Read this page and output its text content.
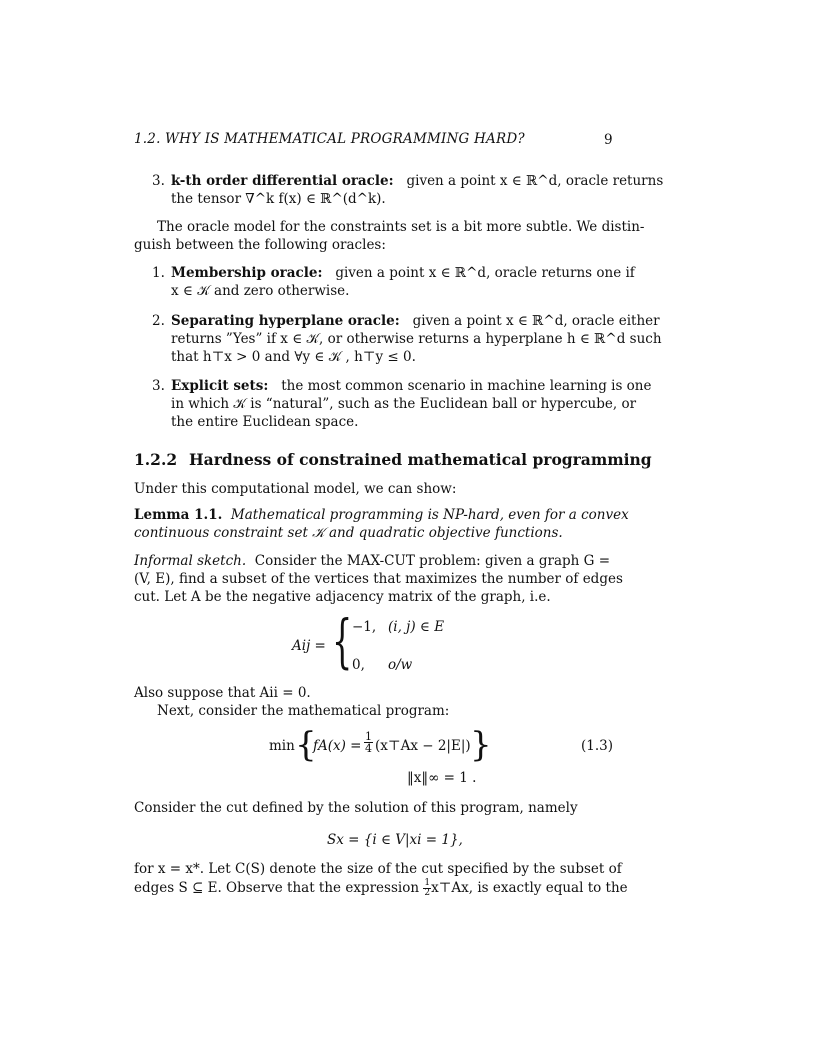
1.2. WHY IS MATHEMATICAL PROGRAMMING HARD?	9
3. k-th order differential oracle: given a point x ∈ ℝ^d, oracle returns
the tensor ∇^k f(x) ∈ ℝ^(d^k).
The oracle model for the constraints set is a bit more subtle. We distin-
guish between the following oracles:
1. Membership oracle: given a point x ∈ ℝ^d, oracle returns one if
x ∈ 𝒦 and zero otherwise.
2. Separating hyperplane oracle: given a point x ∈ ℝ^d, oracle either
returns ”Yes” if x ∈ 𝒦, or otherwise returns a hyperplane h ∈ ℝ^d such
that h⊤x > 0 and ∀y ∈ 𝒦 , h⊤y ≤ 0.
3. Explicit sets: the most common scenario in machine learning is one
in which 𝒦 is “natural”, such as the Euclidean ball or hypercube, or
the entire Euclidean space.
1.2.2 Hardness of constrained mathematical programming
Under this computational model, we can show:
Lemma 1.1. Mathematical programming is NP-hard, even for a convex
continuous constraint set 𝒦 and quadratic objective functions.
Informal sketch. Consider the MAX-CUT problem: given a graph G =
(V, E), find a subset of the vertices that maximizes the number of edges
cut. Let A be the negative adjacency matrix of the graph, i.e.
Aij = { −1, (i, j) ∈ E
0, o/w
Also suppose that Aii = 0.
Next, consider the mathematical program:
min {
$fA(x) = \frac{1}{4}$ (x⊤Ax − 2|E|) }	(1.3)
‖x‖∞ = 1 .
Consider the cut defined by the solution of this program, namely
Sx = {i ∈ V|xi = 1},
for x = x*. Let C(S) denote the size of the cut specified by the subset of
edges S ⊆ E. Observe that the expression $\frac{1}{2}$ x⊤Ax, is exactly equal to the
